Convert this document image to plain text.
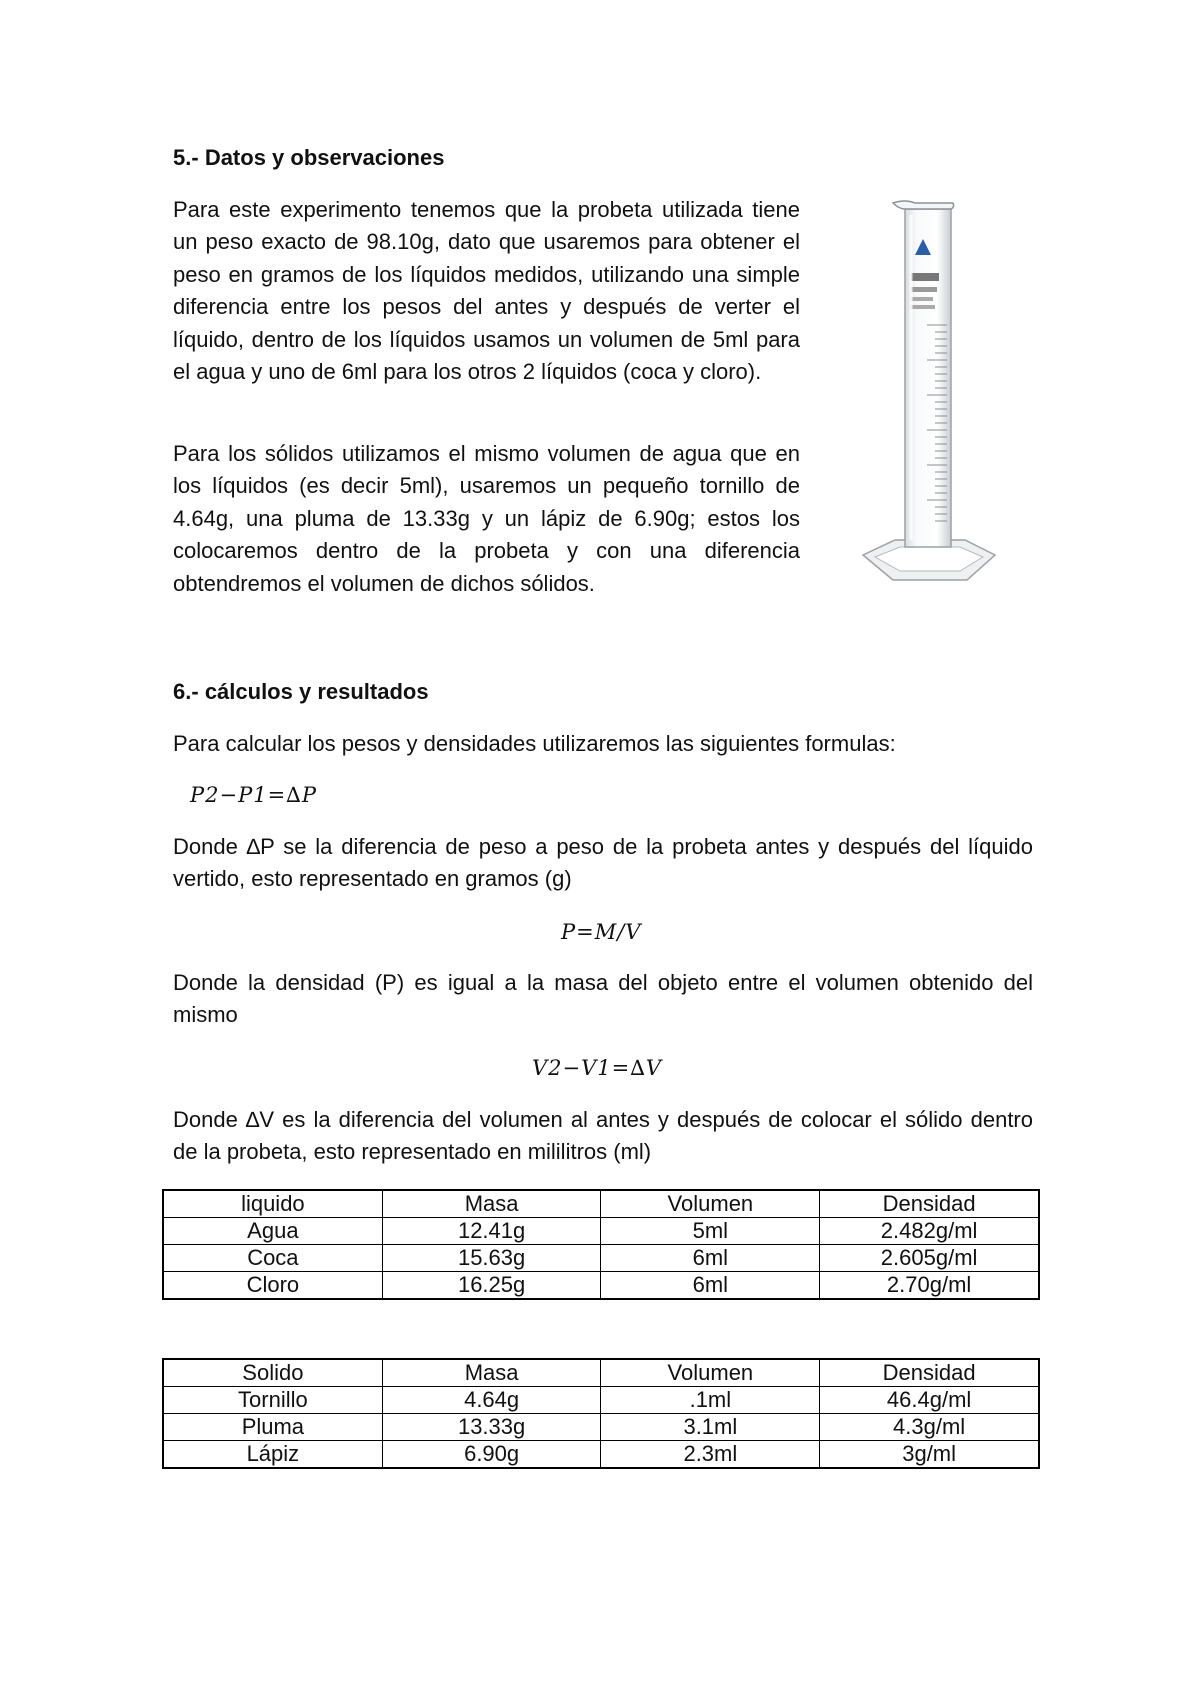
5.- Datos y observaciones

Para este experimento tenemos que la probeta utilizada tiene un peso exacto de 98.10g, dato que usaremos para obtener el peso en gramos de los líquidos medidos, utilizando una simple diferencia entre los pesos del antes y después de verter el líquido, dentro de los líquidos usamos un volumen de 5ml para el agua y uno de 6ml para los otros 2 líquidos (coca y cloro).

Para los sólidos utilizamos el mismo volumen de agua que en los líquidos (es decir 5ml), usaremos un pequeño tornillo de 4.64g, una pluma de 13.33g y un lápiz de 6.90g; estos los colocaremos dentro de la probeta y con una diferencia obtendremos el volumen de dichos sólidos.

6.- cálculos y resultados

Para calcular los pesos y densidades utilizaremos las siguientes formulas:

P2−P1=∆P

Donde ∆P se la diferencia de peso a peso de la probeta antes y después del líquido vertido, esto representado en gramos (g)

P=M/V

Donde la densidad (P) es igual a la masa del objeto entre el volumen obtenido del mismo

V2−V1=∆V

Donde ∆V es la diferencia del volumen al antes y después de colocar el sólido dentro de la probeta, esto representado en mililitros (ml)

liquido	Masa	Volumen	Densidad
Agua	12.41g	5ml	2.482g/ml
Coca	15.63g	6ml	2.605g/ml
Cloro	16.25g	6ml	2.70g/ml
Solido	Masa	Volumen	Densidad
Tornillo	4.64g	.1ml	46.4g/ml
Pluma	13.33g	3.1ml	4.3g/ml
Lápiz	6.90g	2.3ml	3g/ml
